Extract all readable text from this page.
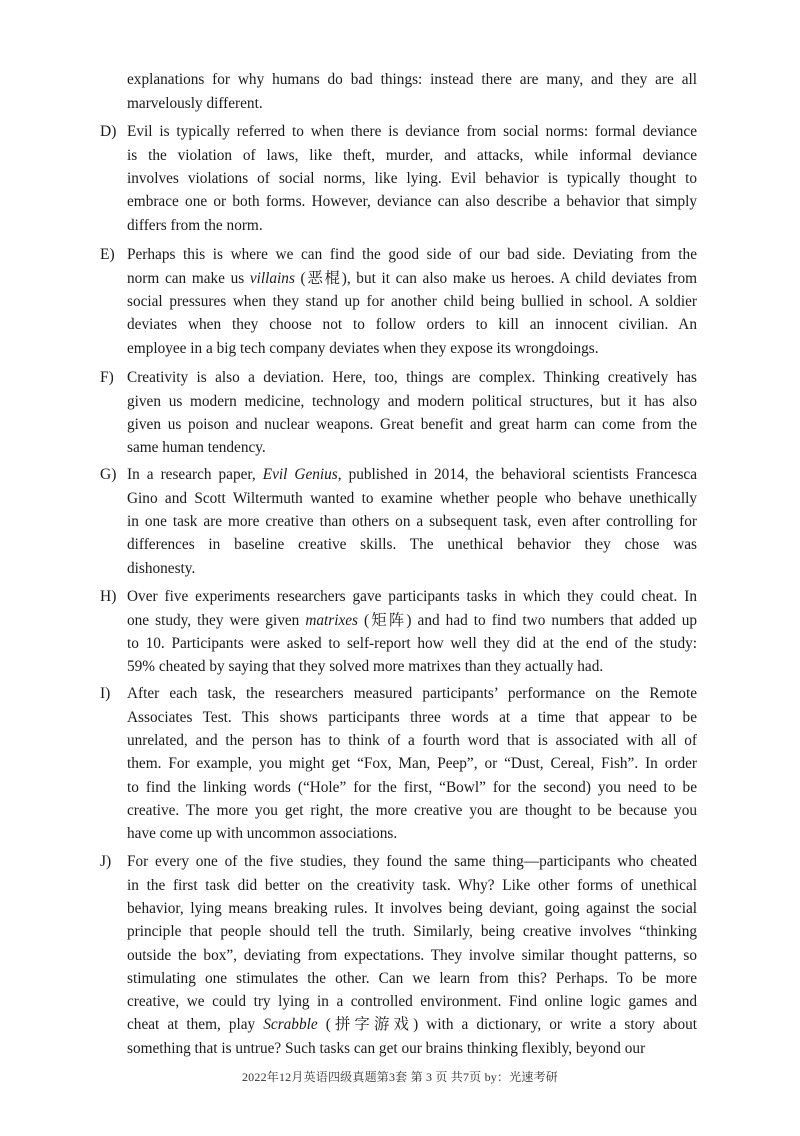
explanations for why humans do bad things: instead there are many, and they are all
marvelously different.
D) Evil is typically referred to when there is deviance from social norms: formal deviance
is the violation of laws, like theft, murder, and attacks, while informal deviance
involves violations of social norms, like lying. Evil behavior is typically thought to
embrace one or both forms. However, deviance can also describe a behavior that simply
differs from the norm.
E) Perhaps this is where we can find the good side of our bad side. Deviating from the
norm can make us villains (恶棍), but it can also make us heroes. A child deviates from
social pressures when they stand up for another child being bullied in school. A soldier
deviates when they choose not to follow orders to kill an innocent civilian. An
employee in a big tech company deviates when they expose its wrongdoings.
F) Creativity is also a deviation. Here, too, things are complex. Thinking creatively has
given us modern medicine, technology and modern political structures, but it has also
given us poison and nuclear weapons. Great benefit and great harm can come from the
same human tendency.
G) In a research paper, Evil Genius, published in 2014, the behavioral scientists Francesca
Gino and Scott Wiltermuth wanted to examine whether people who behave unethically
in one task are more creative than others on a subsequent task, even after controlling for
differences in baseline creative skills. The unethical behavior they chose was
dishonesty.
H) Over five experiments researchers gave participants tasks in which they could cheat. In
one study, they were given matrixes (矩阵) and had to find two numbers that added up
to 10. Participants were asked to self-report how well they did at the end of the study:
59% cheated by saying that they solved more matrixes than they actually had.
I) After each task, the researchers measured participants’ performance on the Remote
Associates Test. This shows participants three words at a time that appear to be
unrelated, and the person has to think of a fourth word that is associated with all of
them. For example, you might get “Fox, Man, Peep”, or “Dust, Cereal, Fish”. In order
to find the linking words (“Hole” for the first, “Bowl” for the second) you need to be
creative. The more you get right, the more creative you are thought to be because you
have come up with uncommon associations.
J) For every one of the five studies, they found the same thing—participants who cheated
in the first task did better on the creativity task. Why? Like other forms of unethical
behavior, lying means breaking rules. It involves being deviant, going against the social
principle that people should tell the truth. Similarly, being creative involves “thinking
outside the box”, deviating from expectations. They involve similar thought patterns, so
stimulating one stimulates the other. Can we learn from this? Perhaps. To be more
creative, we could try lying in a controlled environment. Find online logic games and
cheat at them, play Scrabble (拼字游戏) with a dictionary, or write a story about
something that is untrue? Such tasks can get our brains thinking flexibly, beyond our
2022年12月英语四级真题第3套 第 3 页 共7页 by：光速考研
